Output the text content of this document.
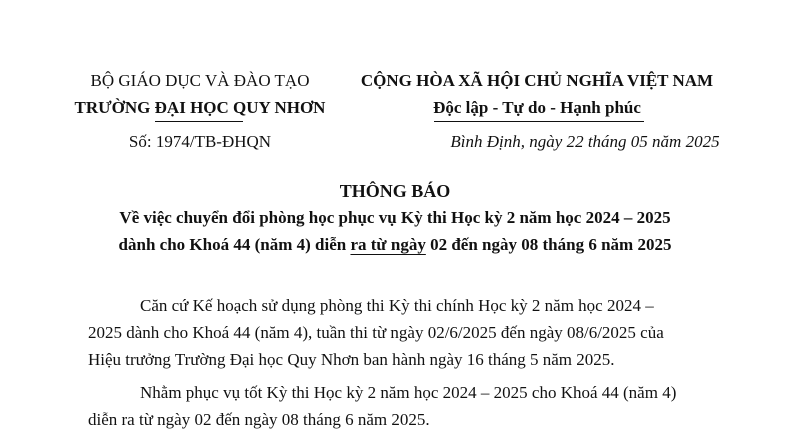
BỘ GIÁO DỤC VÀ ĐÀO TẠO
TRƯỜNG ĐẠI HỌC QUY NHƠN
Số: 1974/TB-ĐHQN
CỘNG HÒA XÃ HỘI CHỦ NGHĨA VIỆT NAM
Độc lập - Tự do - Hạnh phúc
Bình Định, ngày 22 tháng 05 năm 2025
THÔNG BÁO
Về việc chuyển đổi phòng học phục vụ Kỳ thi Học kỳ 2 năm học 2024 – 2025
dành cho Khoá 44 (năm 4) diễn ra từ ngày 02 đến ngày 08 tháng 6 năm 2025
Căn cứ Kế hoạch sử dụng phòng thi Kỳ thi chính Học kỳ 2 năm học 2024 –
2025 dành cho Khoá 44 (năm 4), tuần thi từ ngày 02/6/2025 đến ngày 08/6/2025 của
Hiệu trưởng Trường Đại học Quy Nhơn ban hành ngày 16 tháng 5 năm 2025.
Nhằm phục vụ tốt Kỳ thi Học kỳ 2 năm học 2024 – 2025 cho Khoá 44 (năm 4)
diễn ra từ ngày 02 đến ngày 08 tháng 6 năm 2025.
